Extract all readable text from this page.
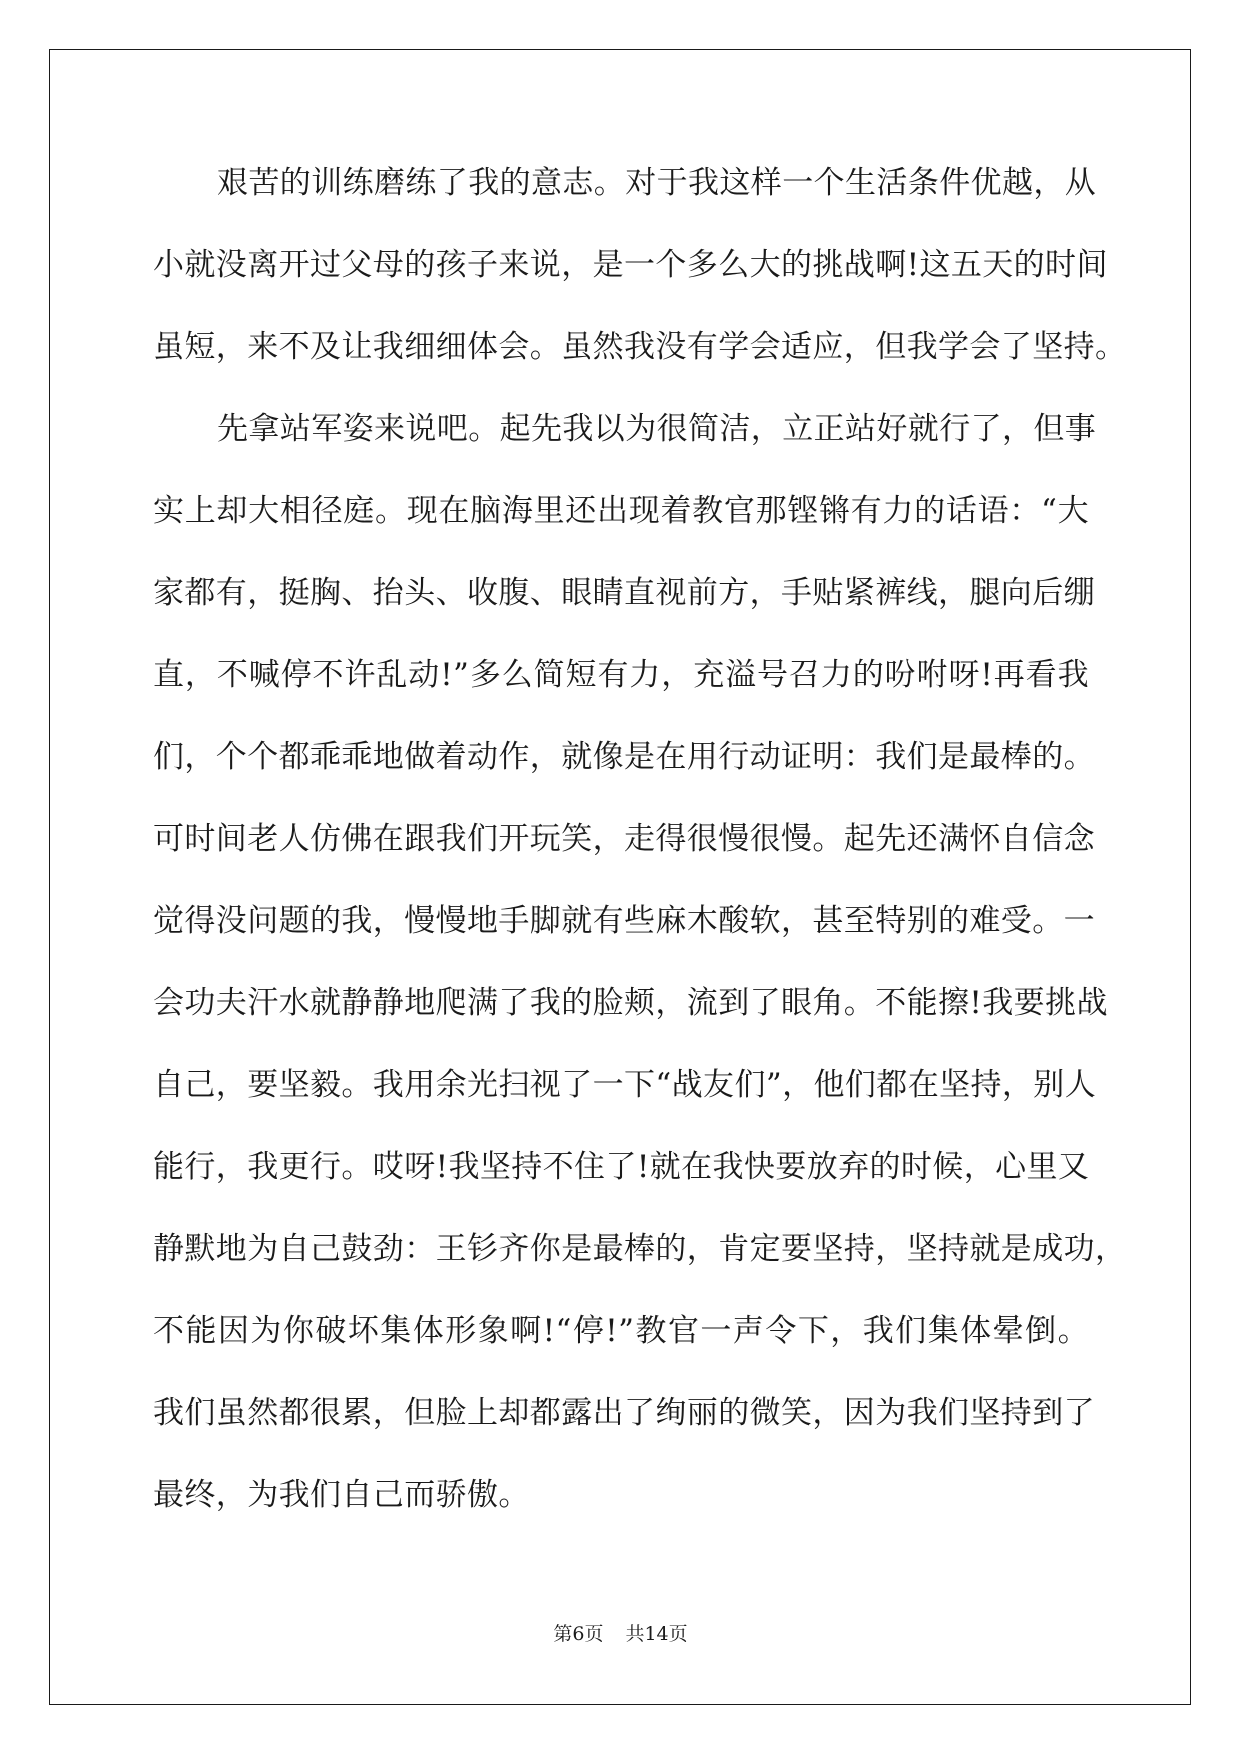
艰苦的训练磨练了我的意志。对于我这样一个生活条件优越，从
小就没离开过父母的孩子来说，是一个多么大的挑战啊!这五天的时间
虽短，来不及让我细细体会。虽然我没有学会适应，但我学会了坚持。
先拿站军姿来说吧。起先我以为很简洁，立正站好就行了，但事
实上却大相径庭。现在脑海里还出现着教官那铿锵有力的话语：“大
家都有，挺胸、抬头、收腹、眼睛直视前方，手贴紧裤线，腿向后绷
直，不喊停不许乱动!”多么简短有力，充溢号召力的吩咐呀!再看我
们，个个都乖乖地做着动作，就像是在用行动证明：我们是最棒的。
可时间老人仿佛在跟我们开玩笑，走得很慢很慢。起先还满怀自信念
觉得没问题的我，慢慢地手脚就有些麻木酸软，甚至特别的难受。一
会功夫汗水就静静地爬满了我的脸颊，流到了眼角。不能擦!我要挑战
自己，要坚毅。我用余光扫视了一下“战友们”，他们都在坚持，别人
能行，我更行。哎呀!我坚持不住了!就在我快要放弃的时候，心里又
静默地为自己鼓劲：王钐齐你是最棒的，肯定要坚持，坚持就是成功，
不能因为你破坏集体形象啊!“停!”教官一声令下，我们集体晕倒。
我们虽然都很累，但脸上却都露出了绚丽的微笑，因为我们坚持到了
最终，为我们自己而骄傲。
第6页 共14页
